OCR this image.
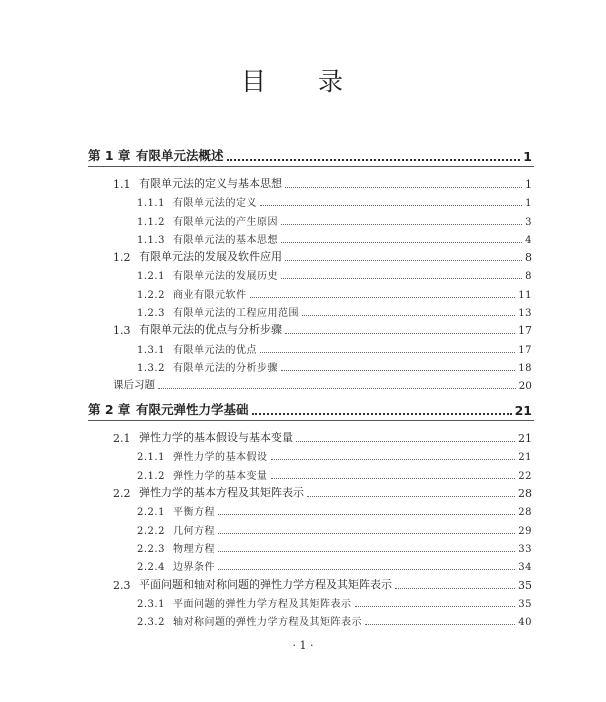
目 录
第 1 章 有限单元法概述	1
1.1 有限单元法的定义与基本思想	1
1.1.1 有限单元法的定义	1
1.1.2 有限单元法的产生原因	3
1.1.3 有限单元法的基本思想	4
1.2 有限单元法的发展及软件应用	8
1.2.1 有限单元法的发展历史	8
1.2.2 商业有限元软件	11
1.2.3 有限单元法的工程应用范围	13
1.3 有限单元法的优点与分析步骤	17
1.3.1 有限单元法的优点	17
1.3.2 有限单元法的分析步骤	18
课后习题	20
第 2 章 有限元弹性力学基础	21
2.1 弹性力学的基本假设与基本变量	21
2.1.1 弹性力学的基本假设	21
2.1.2 弹性力学的基本变量	22
2.2 弹性力学的基本方程及其矩阵表示	28
2.2.1 平衡方程	28
2.2.2 几何方程	29
2.2.3 物理方程	33
2.2.4 边界条件	34
2.3 平面问题和轴对称问题的弹性力学方程及其矩阵表示	35
2.3.1 平面问题的弹性力学方程及其矩阵表示	35
2.3.2 轴对称问题的弹性力学方程及其矩阵表示	40
· 1 ·
